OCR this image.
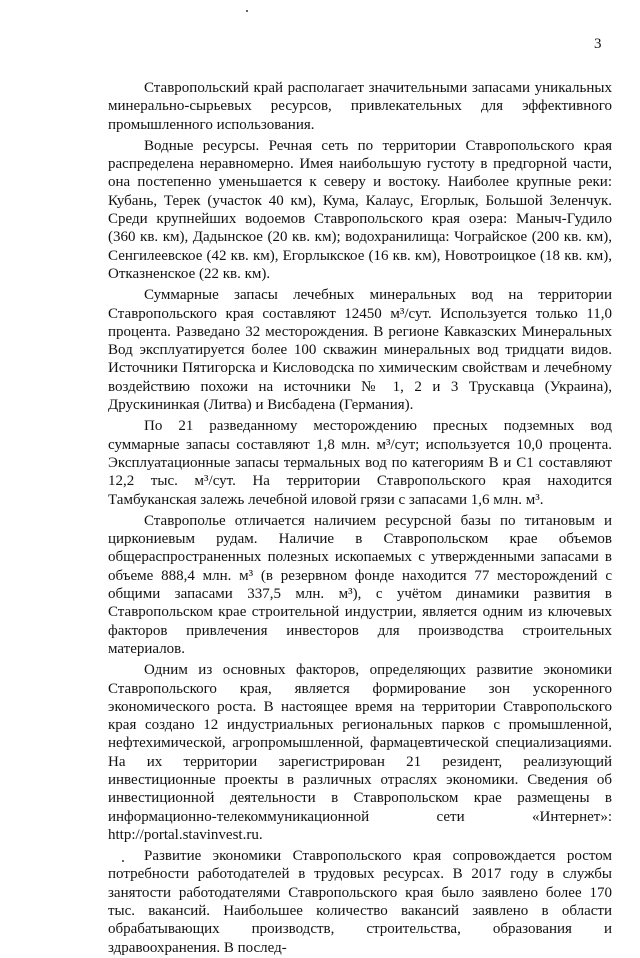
3

Ставропольский край располагает значительными запасами уникальных минерально-сырьевых ресурсов, привлекательных для эффективного промышленного использования.

Водные ресурсы. Речная сеть по территории Ставропольского края распределена неравномерно. Имея наибольшую густоту в предгорной части, она постепенно уменьшается к северу и востоку. Наиболее крупные реки: Кубань, Терек (участок 40 км), Кума, Калаус, Егорлык, Большой Зеленчук. Среди крупнейших водоемов Ставропольского края озера: Маныч-Гудило (360 кв. км), Дадынское (20 кв. км); водохранилища: Чограйское (200 кв. км), Сенгилеевское (42 кв. км), Егорлыкское (16 кв. км), Новотроицкое (18 кв. км), Отказненское (22 кв. км).

Суммарные запасы лечебных минеральных вод на территории Ставропольского края составляют 12450 м³/сут. Используется только 11,0 процента. Разведано 32 месторождения. В регионе Кавказских Минеральных Вод эксплуатируется более 100 скважин минеральных вод тридцати видов. Источники Пятигорска и Кисловодска по химическим свойствам и лечебному воздействию похожи на источники № 1, 2 и 3 Трускавца (Украина), Друскининкая (Литва) и Висбадена (Германия).

По 21 разведанному месторождению пресных подземных вод суммарные запасы составляют 1,8 млн. м³/сут; используется 10,0 процента. Эксплуатационные запасы термальных вод по категориям В и С1 составляют 12,2 тыс. м³/сут. На территории Ставропольского края находится Тамбуканская залежь лечебной иловой грязи с запасами 1,6 млн. м³.

Ставрополье отличается наличием ресурсной базы по титановым и циркониевым рудам. Наличие в Ставропольском крае объемов общераспространенных полезных ископаемых с утвержденными запасами в объеме 888,4 млн. м³ (в резервном фонде находится 77 месторождений с общими запасами 337,5 млн. м³), с учётом динамики развития в Ставропольском крае строительной индустрии, является одним из ключевых факторов привлечения инвесторов для производства строительных материалов.

Одним из основных факторов, определяющих развитие экономики Ставропольского края, является формирование зон ускоренного экономического роста. В настоящее время на территории Ставропольского края создано 12 индустриальных региональных парков с промышленной, нефтехимической, агропромышленной, фармацевтической специализациями. На их территории зарегистрирован 21 резидент, реализующий инвестиционные проекты в различных отраслях экономики. Сведения об инвестиционной деятельности в Ставропольском крае размещены в информационно-телекоммуникационной сети «Интернет»: http://portal.stavinvest.ru.

Развитие экономики Ставропольского края сопровождается ростом потребности работодателей в трудовых ресурсах. В 2017 году в службы занятости работодателями Ставропольского края было заявлено более 170 тыс. вакансий. Наибольшее количество вакансий заявлено в области обрабатывающих производств, строительства, образования и здравоохранения. В послед-
